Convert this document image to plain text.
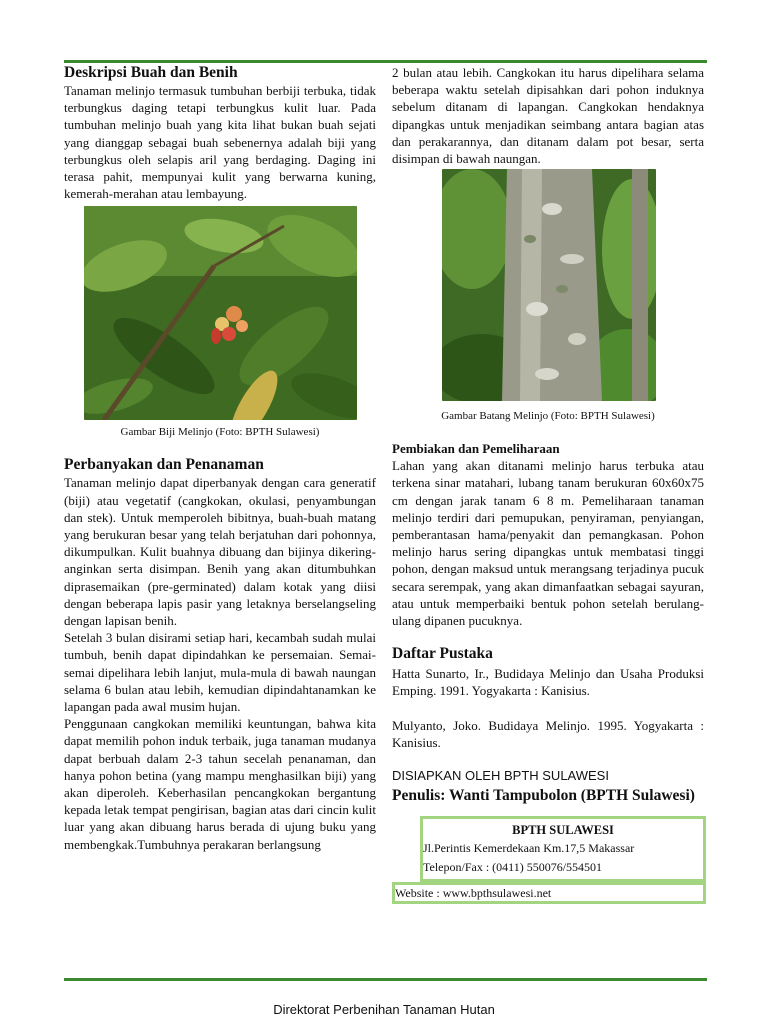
Deskripsi Buah dan Benih

Tanaman melinjo termasuk tumbuhan berbiji terbuka, tidak terbungkus daging tetapi terbungkus kulit luar. Pada tumbuhan melinjo buah yang kita lihat bukan buah sejati yang dianggap sebagai buah sebenernya adalah biji yang terbungkus oleh selapis aril yang berdaging. Daging ini terasa pahit, mempunyai kulit yang berwarna kuning, kemerah-merahan atau lembayung.

Gambar Biji Melinjo (Foto: BPTH Sulawesi)
Perbanyakan dan Penanaman

Tanaman melinjo dapat diperbanyak dengan cara generatif (biji) atau vegetatif (cangkokan, okulasi, penyambungan dan stek). Untuk memperoleh bibitnya, buah-buah matang yang berukuran besar yang telah berjatuhan dari pohonnya, dikumpulkan. Kulit buahnya dibuang dan bijinya dikering-anginkan serta disimpan. Benih yang akan ditumbuhkan diprasemaikan (pre-germinated) dalam kotak yang diisi dengan beberapa lapis pasir yang letaknya berselangseling dengan lapisan benih.

Setelah 3 bulan disirami setiap hari, kecambah sudah mulai tumbuh, benih dapat dipindahkan ke persemaian. Semai-semai dipelihara lebih lanjut, mula-mula di bawah naungan selama 6 bulan atau lebih, kemudian dipindahtanamkan ke lapangan pada awal musim hujan.

Penggunaan cangkokan memiliki keuntungan, bahwa kita dapat memilih pohon induk terbaik, juga tanaman mudanya dapat berbuah dalam 2-3 tahun secelah penanaman, dan hanya pohon betina (yang mampu menghasilkan biji) yang akan diperoleh. Keberhasilan pencangkokan bergantung kepada letak tempat pengirisan, bagian atas dari cincin kulit luar yang akan dibuang harus berada di ujung buku yang membengkak.Tumbuhnya perakaran berlangsung

2 bulan atau lebih. Cangkokan itu harus dipelihara selama beberapa waktu setelah dipisahkan dari pohon induknya sebelum ditanam di lapangan. Cangkokan hendaknya dipangkas untuk menjadikan seimbang antara bagian atas dan perakarannya, dan ditanam dalam pot besar, serta disimpan di bawah naungan.

Gambar Batang Melinjo (Foto: BPTH Sulawesi)
Pembiakan dan Pemeliharaan

Lahan yang akan ditanami melinjo harus terbuka atau terkena sinar matahari, lubang tanam berukuran 60x60x75 cm dengan jarak tanam 6 8 m. Pemeliharaan tanaman melinjo terdiri dari pemupukan, penyiraman, penyiangan, pemberantasan hama/penyakit dan pemangkasan. Pohon melinjo harus sering dipangkas untuk membatasi tinggi pohon, dengan maksud untuk merangsang terjadinya pucuk secara serempak, yang akan dimanfaatkan sebagai sayuran, atau untuk memperbaiki bentuk pohon setelah berulang-ulang dipanen pucuknya.

Daftar Pustaka

Hatta Sunarto, Ir., Budidaya Melinjo dan Usaha Produksi Emping. 1991. Yogyakarta : Kanisius.

Mulyanto, Joko. Budidaya Melinjo. 1995. Yogyakarta : Kanisius.

DISIAPKAN OLEH BPTH SULAWESI
Penulis: Wanti Tampubolon (BPTH Sulawesi)
BPTH SULAWESI
Jl.Perintis Kemerdekaan Km.17,5 Makassar
Telepon/Fax : (0411) 550076/554501
Website : www.bpthsulawesi.net
Direktorat Perbenihan Tanaman Hutan
